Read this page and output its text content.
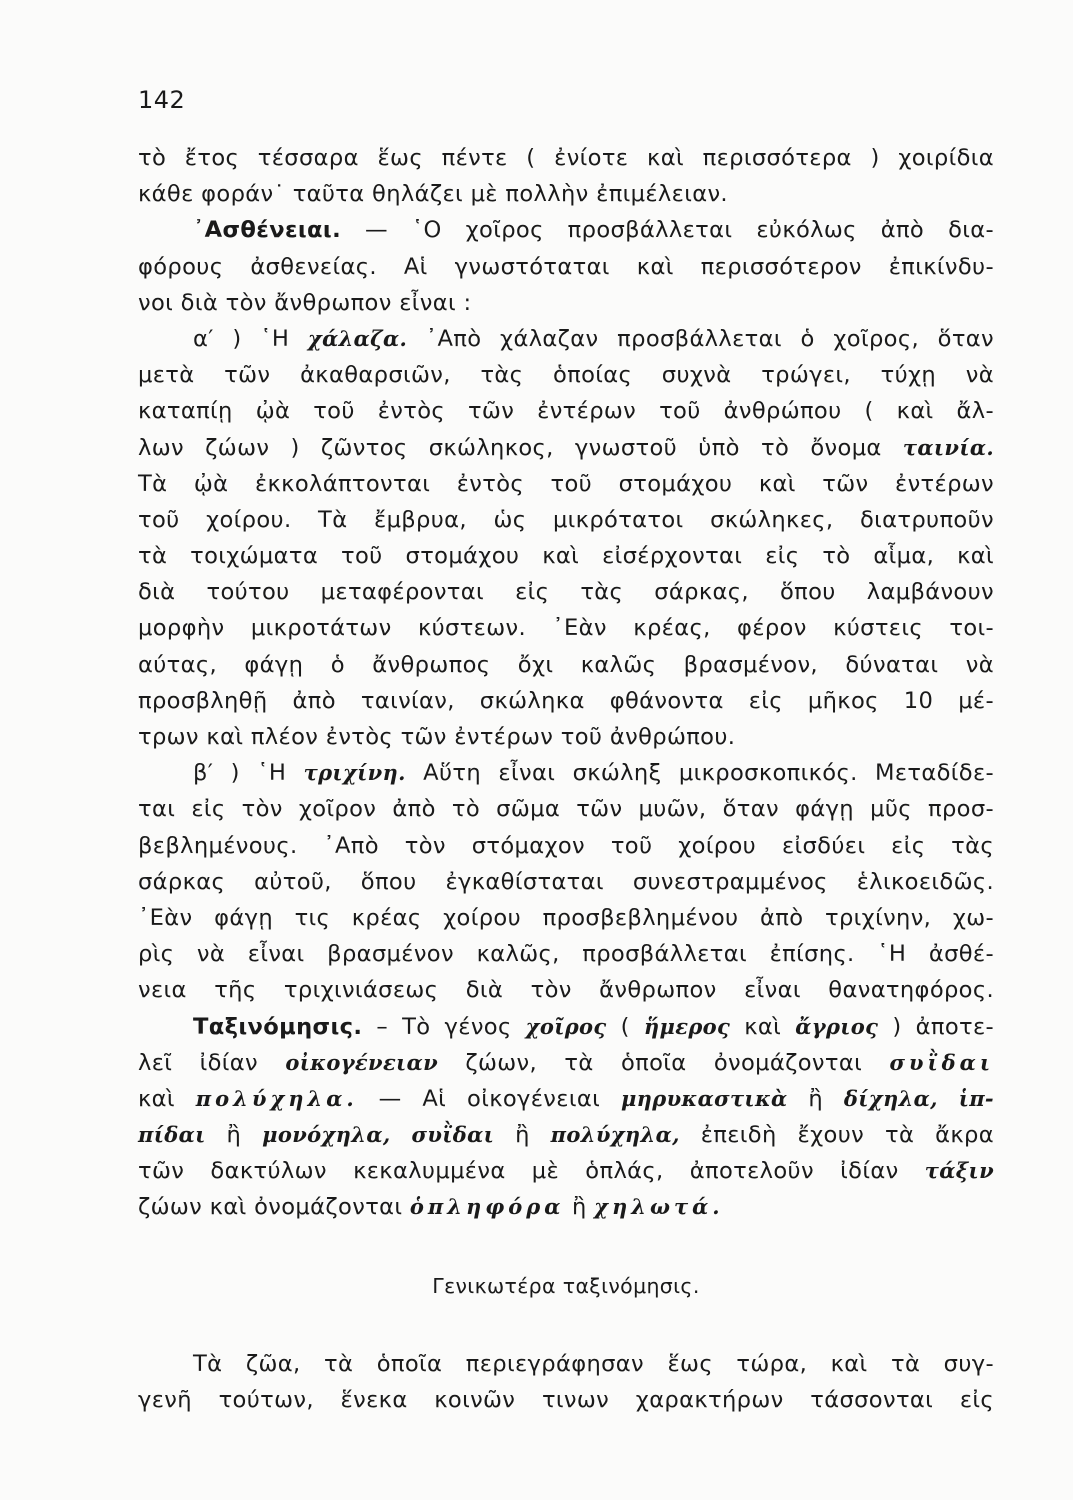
142
τὸ ἔτος τέσσαρα ἕως πέντε ( ἐνίοτε καὶ περισσότερα ) χοιρίδια
κάθε φοράν˙ ταῦτα θηλάζει μὲ πολλὴν ἐπιμέλειαν.
᾿Ασθένειαι. — ῾Ο χοῖρος προσβάλλεται εὐκόλως ἀπὸ δια-
φόρους ἀσθενείας. Αἱ γνωστόταται καὶ περισσότερον ἐπικίνδυ-
νοι διὰ τὸν ἄνθρωπον εἶναι :
α′ ) ῾Η χάλαζα. ᾿Απὸ χάλαζαν προσβάλλεται ὁ χοῖρος, ὅταν
μετὰ τῶν ἀκαθαρσιῶν, τὰς ὁποίας συχνὰ τρώγει, τύχῃ νὰ
καταπίῃ ᾠὰ τοῦ ἐντὸς τῶν ἐντέρων τοῦ ἀνθρώπου ( καὶ ἄλ-
λων ζώων ) ζῶντος σκώληκος, γνωστοῦ ὑπὸ τὸ ὄνομα ταινία.
Τὰ ᾠὰ ἐκκολάπτονται ἐντὸς τοῦ στομάχου καὶ τῶν ἐντέρων
τοῦ χοίρου. Τὰ ἔμβρυα, ὡς μικρότατοι σκώληκες, διατρυποῦν
τὰ τοιχώματα τοῦ στομάχου καὶ εἰσέρχονται εἰς τὸ αἷμα, καὶ
διὰ τούτου μεταφέρονται εἰς τὰς σάρκας, ὅπου λαμβάνουν
μορφὴν μικροτάτων κύστεων. ᾿Εὰν κρέας, φέρον κύστεις τοι-
αύτας, φάγῃ ὁ ἄνθρωπος ὄχι καλῶς βρασμένον, δύναται νὰ
προσβληθῇ ἀπὸ ταινίαν, σκώληκα φθάνοντα εἰς μῆκος 10 μέ-
τρων καὶ πλέον ἐντὸς τῶν ἐντέρων τοῦ ἀνθρώπου.
β′ ) ῾Η τριχίνη. Αὕτη εἶναι σκώληξ μικροσκοπικός. Μεταδίδε-
ται εἰς τὸν χοῖρον ἀπὸ τὸ σῶμα τῶν μυῶν, ὅταν φάγῃ μῦς προσ-
βεβλημένους. ᾿Απὸ τὸν στόμαχον τοῦ χοίρου εἰσδύει εἰς τὰς
σάρκας αὐτοῦ, ὅπου ἐγκαθίσταται συνεστραμμένος ἑλικοειδῶς.
᾿Εὰν φάγῃ τις κρέας χοίρου προσβεβλημένου ἀπὸ τριχίνην, χω-
ρὶς νὰ εἶναι βρασμένον καλῶς, προσβάλλεται ἐπίσης. ῾Η ἀσθέ-
νεια τῆς τριχινιάσεως διὰ τὸν ἄνθρωπον εἶναι θανατηφόρος.
Ταξινόμησις. – Τὸ γένος χοῖρος ( ἥμερος καὶ ἄγριος ) ἀποτε-
λεῖ ἰδίαν οἰκογένειαν ζώων, τὰ ὁποῖα ὀνομάζονται συῒδαι
καὶ πολύχηλα. — Αἱ οἰκογένειαι μηρυκαστικὰ ἢ δίχηλα, ἱπ-
πίδαι ἢ μονόχηλα, συῒδαι ἢ πολύχηλα, ἐπειδὴ ἔχουν τὰ ἄκρα
τῶν δακτύλων κεκαλυμμένα μὲ ὁπλάς, ἀποτελοῦν ἰδίαν τάξιν
ζώων καὶ ὀνομάζονται ὁπληφόρα ἢ χηλωτά.
Γενικωτέρα ταξινόμησις.
Τὰ ζῶα, τὰ ὁποῖα περιεγράφησαν ἕως τώρα, καὶ τὰ συγ-
γενῆ τούτων, ἕνεκα κοινῶν τινων χαρακτήρων τάσσονται εἰς
